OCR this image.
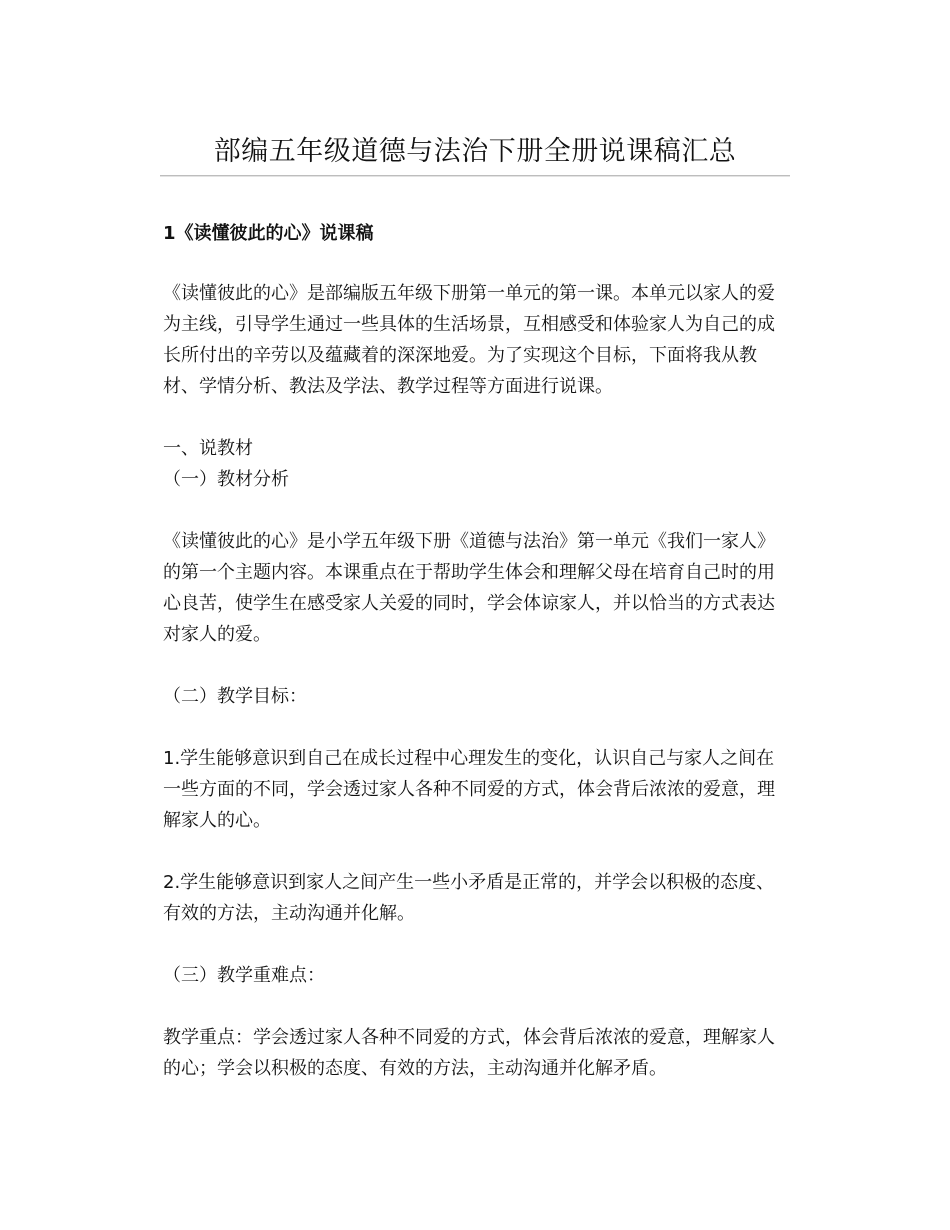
部编五年级道德与法治下册全册说课稿汇总

1《读懂彼此的心》说课稿

《读懂彼此的心》是部编版五年级下册第一单元的第一课。本单元以家人的爱为主线，引导学生通过一些具体的生活场景，互相感受和体验家人为自己的成长所付出的辛劳以及蕴藏着的深深地爱。为了实现这个目标，下面将我从教材、学情分析、教法及学法、教学过程等方面进行说课。

一、说教材

（一）教材分析

《读懂彼此的心》是小学五年级下册《道德与法治》第一单元《我们一家人》的第一个主题内容。本课重点在于帮助学生体会和理解父母在培育自己时的用心良苦，使学生在感受家人关爱的同时，学会体谅家人，并以恰当的方式表达对家人的爱。

（二）教学目标：

1.学生能够意识到自己在成长过程中心理发生的变化，认识自己与家人之间在一些方面的不同，学会透过家人各种不同爱的方式，体会背后浓浓的爱意，理解家人的心。

2.学生能够意识到家人之间产生一些小矛盾是正常的，并学会以积极的态度、有效的方法，主动沟通并化解。

（三）教学重难点：

教学重点：学会透过家人各种不同爱的方式，体会背后浓浓的爱意，理解家人的心；学会以积极的态度、有效的方法，主动沟通并化解矛盾。
